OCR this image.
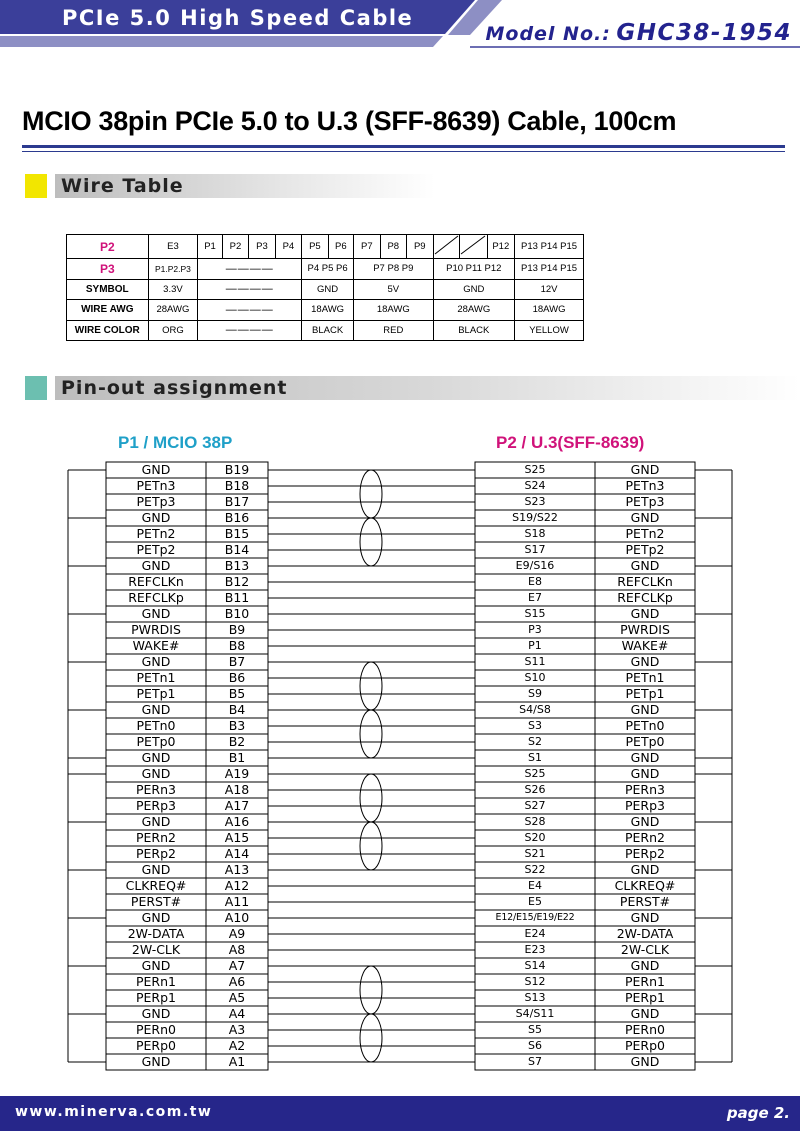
PCIe 5.0 High Speed Cable
Model No.: GHC38-1954
MCIO 38pin PCIe 5.0 to U.3 (SFF-8639) Cable, 100cm
Wire Table
P2	E3	P1	P2	P3	P4	P5	P6	P7	P8	P9			P12	P13 P14 P15
P3	P1.P2.P3	————				P4 P5 P6		P7 P8 P9			P10 P11 P12			P13 P14 P15
SYMBOL	3.3V	————				GND		5V			GND			12V
WIRE AWG	28AWG	————				18AWG		18AWG			28AWG			18AWG
WIRE COLOR	ORG	————				BLACK		RED			BLACK			YELLOW
Pin-out assignment
P1 / MCIO 38P	P2 / U.3(SFF-8639)
GND	B19	S25	GND
PETn3	B18	S24	PETn3
PETp3	B17	S23	PETp3
GND	B16	S19/S22	GND
PETn2	B15	S18	PETn2
PETp2	B14	S17	PETp2
GND	B13	E9/S16	GND
REFCLKn	B12	E8	REFCLKn
REFCLKp	B11	E7	REFCLKp
GND	B10	S15	GND
PWRDIS	B9	P3	PWRDIS
WAKE#	B8	P1	WAKE#
GND	B7	S11	GND
PETn1	B6	S10	PETn1
PETp1	B5	S9	PETp1
GND	B4	S4/S8	GND
PETn0	B3	S3	PETn0
PETp0	B2	S2	PETp0
GND	B1	S1	GND
GND	A19	S25	GND
PERn3	A18	S26	PERn3
PERp3	A17	S27	PERp3
GND	A16	S28	GND
PERn2	A15	S20	PERn2
PERp2	A14	S21	PERp2
GND	A13	S22	GND
CLKREQ#	A12	E4	CLKREQ#
PERST#	A11	E5	PERST#
GND	A10	E12/E15/E19/E22	GND
2W-DATA	A9	E24	2W-DATA
2W-CLK	A8	E23	2W-CLK
GND	A7	S14	GND
PERn1	A6	S12	PERn1
PERp1	A5	S13	PERp1
GND	A4	S4/S11	GND
PERn0	A3	S5	PERn0
PERp0	A2	S6	PERp0
GND	A1	S7	GND
www.minerva.com.tw	page 2.
